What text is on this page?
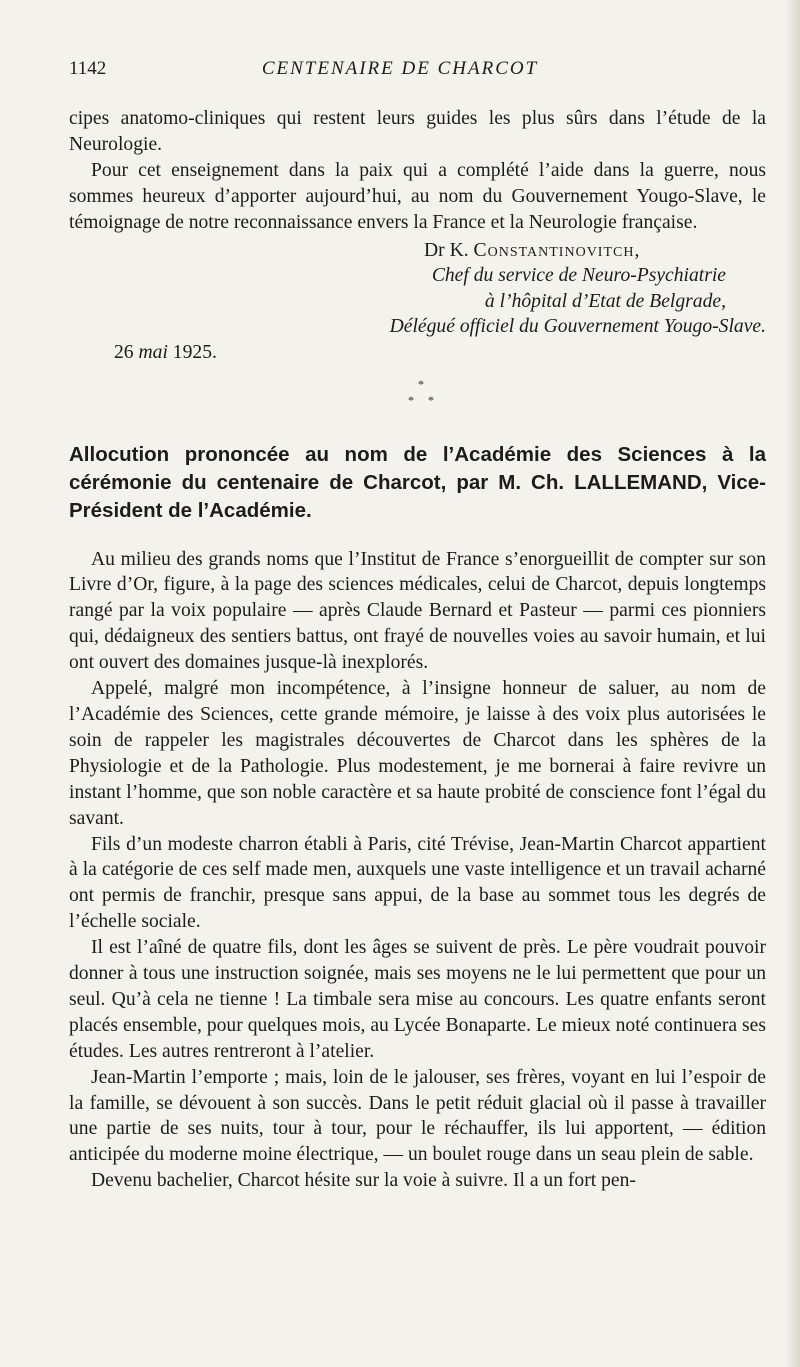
1142	CENTENAIRE DE CHARCOT

cipes anatomo-cliniques qui restent leurs guides les plus sûrs dans l’étude de la Neurologie.

Pour cet enseignement dans la paix qui a complété l’aide dans la guerre, nous sommes heureux d’apporter aujourd’hui, au nom du Gouvernement Yougo-Slave, le témoignage de notre reconnaissance envers la France et la Neurologie française.

Dr K. Constantinovitch,

Chef du service de Neuro-Psychiatrie

à l’hôpital d’Etat de Belgrade,

Délégué officiel du Gouvernement Yougo-Slave.

26 mai 1925.

*
* *
Allocution prononcée au nom de l’Académie des Sciences à la cérémonie du centenaire de Charcot, par M. Ch. LALLEMAND, Vice-Président de l’Académie.

Au milieu des grands noms que l’Institut de France s’enorgueillit de compter sur son Livre d’Or, figure, à la page des sciences médicales, celui de Charcot, depuis longtemps rangé par la voix populaire — après Claude Bernard et Pasteur — parmi ces pionniers qui, dédaigneux des sentiers battus, ont frayé de nouvelles voies au savoir humain, et lui ont ouvert des domaines jusque-là inexplorés.

Appelé, malgré mon incompétence, à l’insigne honneur de saluer, au nom de l’Académie des Sciences, cette grande mémoire, je laisse à des voix plus autorisées le soin de rappeler les magistrales découvertes de Charcot dans les sphères de la Physiologie et de la Pathologie. Plus modestement, je me bornerai à faire revivre un instant l’homme, que son noble caractère et sa haute probité de conscience font l’égal du savant.

Fils d’un modeste charron établi à Paris, cité Trévise, Jean-Martin Charcot appartient à la catégorie de ces self made men, auxquels une vaste intelligence et un travail acharné ont permis de franchir, presque sans appui, de la base au sommet tous les degrés de l’échelle sociale.

Il est l’aîné de quatre fils, dont les âges se suivent de près. Le père voudrait pouvoir donner à tous une instruction soignée, mais ses moyens ne le lui permettent que pour un seul. Qu’à cela ne tienne ! La timbale sera mise au concours. Les quatre enfants seront placés ensemble, pour quelques mois, au Lycée Bonaparte. Le mieux noté continuera ses études. Les autres rentreront à l’atelier.

Jean-Martin l’emporte ; mais, loin de le jalouser, ses frères, voyant en lui l’espoir de la famille, se dévouent à son succès. Dans le petit réduit glacial où il passe à travailler une partie de ses nuits, tour à tour, pour le réchauffer, ils lui apportent, — édition anticipée du moderne moine électrique, — un boulet rouge dans un seau plein de sable.

Devenu bachelier, Charcot hésite sur la voie à suivre. Il a un fort pen-
